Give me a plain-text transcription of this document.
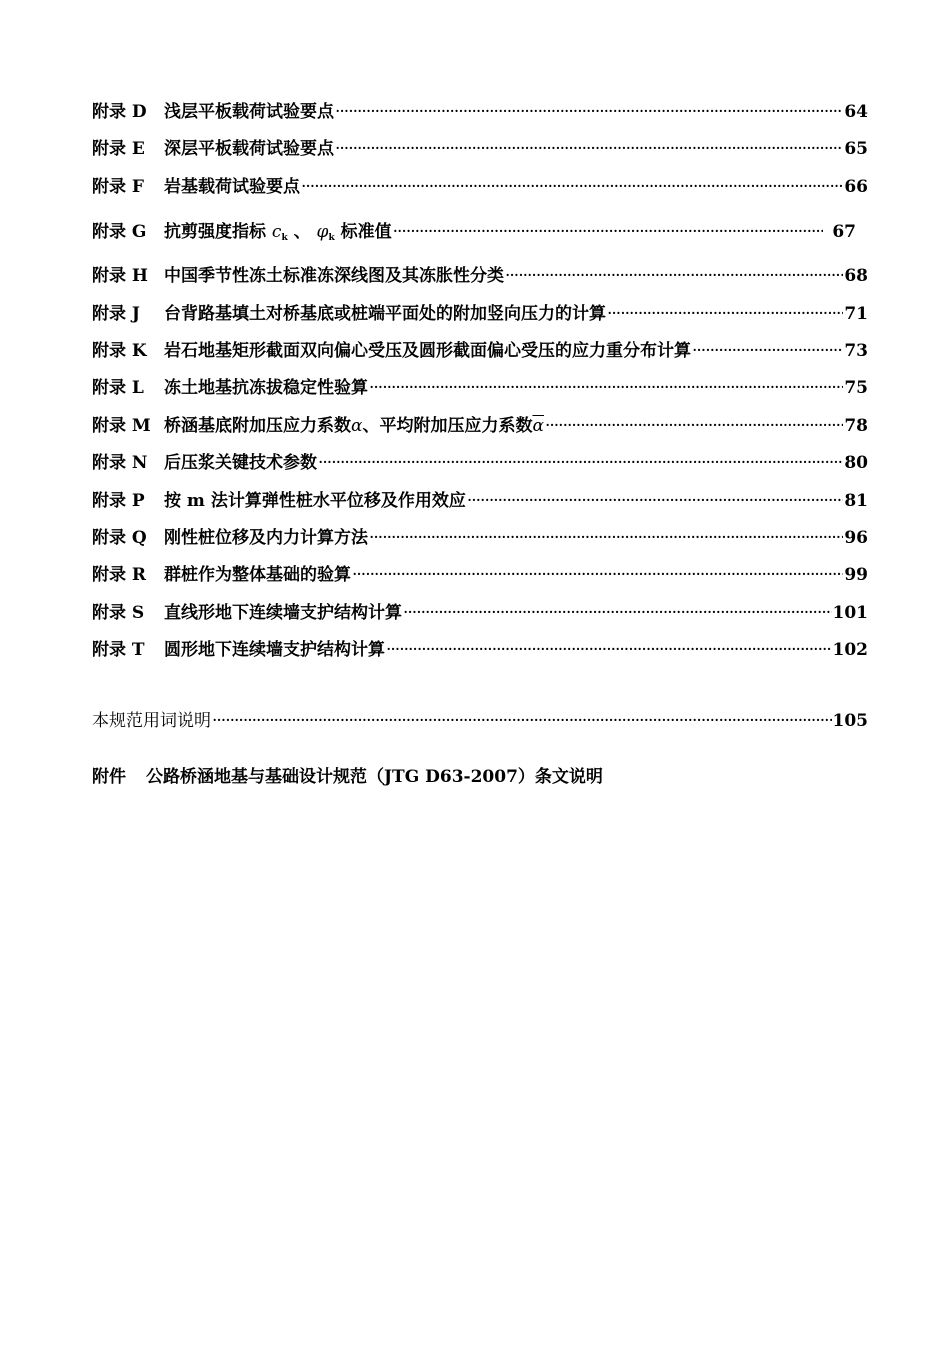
附录 D	浅层平板载荷试验要点 ·····	64
附录 E	深层平板载荷试验要点 ·····	65
附录 F	岩基载荷试验要点 ·····	66
附录 G	抗剪强度指标 $c_k$ 、 $\varphi_k$ 标准值 ·····	67
附录 H 中国季节性冻土标准冻深线图及其冻胀性分类 ·····	68
附录 J	台背路基填土对桥基底或桩端平面处的附加竖向压力的计算 ·····	71
附录 K	岩石地基矩形截面双向偏心受压及圆形截面偏心受压的应力重分布计算 ·····	73
附录 L	冻土地基抗冻拔稳定性验算 ·····	75
附录 M 桥涵基底附加压应力系数α、平均附加压应力系数$\overline{\alpha}$ ·····	78
附录 N 后压浆关键技术参数 ·····	80
附录 P	按 m 法计算弹性桩水平位移及作用效应 ·····	81
附录 Q	刚性桩位移及内力计算方法 ·····	96
附录 R	群桩作为整体基础的验算 ·····	99
附录 S	直线形地下连续墙支护结构计算 ·····	101
附录 T	圆形地下连续墙支护结构计算 ·····	102
本规范用词说明 ·····	105
附件 公路桥涵地基与基础设计规范（JTG D63-2007）条文说明
